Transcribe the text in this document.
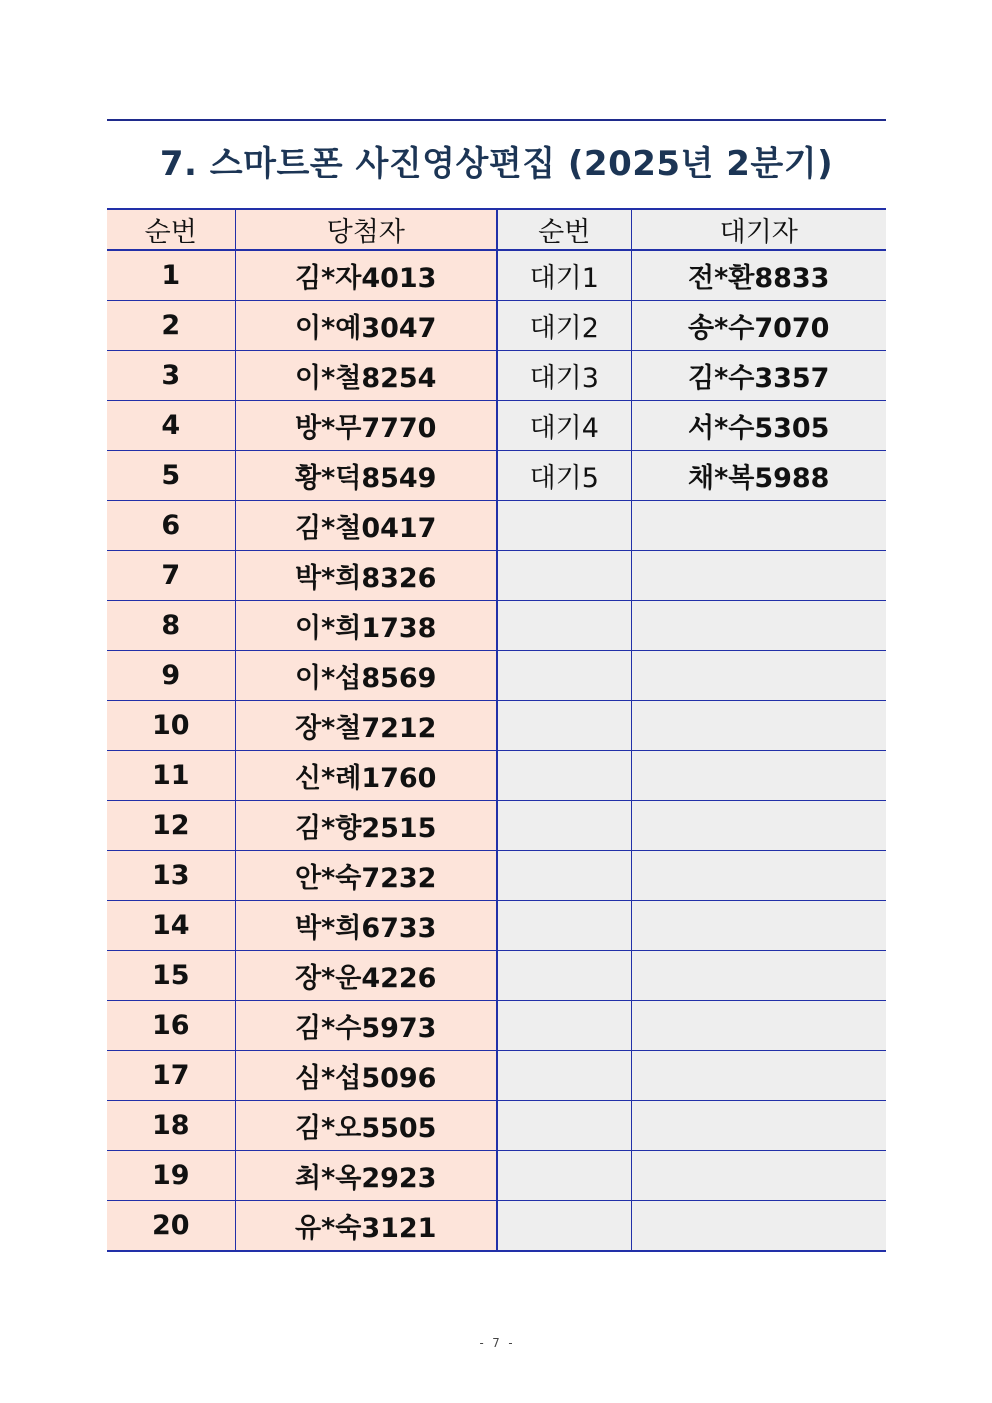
7. 스마트폰 사진영상편집 (2025년 2분기)
순번	당첨자	순번	대기자
1	김*자4013	대기1	전*환8833
2	이*예3047	대기2	송*수7070
3	이*철8254	대기3	김*수3357
4	방*무7770	대기4	서*수5305
5	황*덕8549	대기5	채*복5988
6	김*철0417		
7	박*희8326		
8	이*희1738		
9	이*섭8569		
10	장*철7212		
11	신*례1760		
12	김*향2515		
13	안*숙7232		
14	박*희6733		
15	장*운4226		
16	김*수5973		
17	심*섭5096		
18	김*오5505		
19	최*옥2923		
20	유*숙3121		
- 7 -
